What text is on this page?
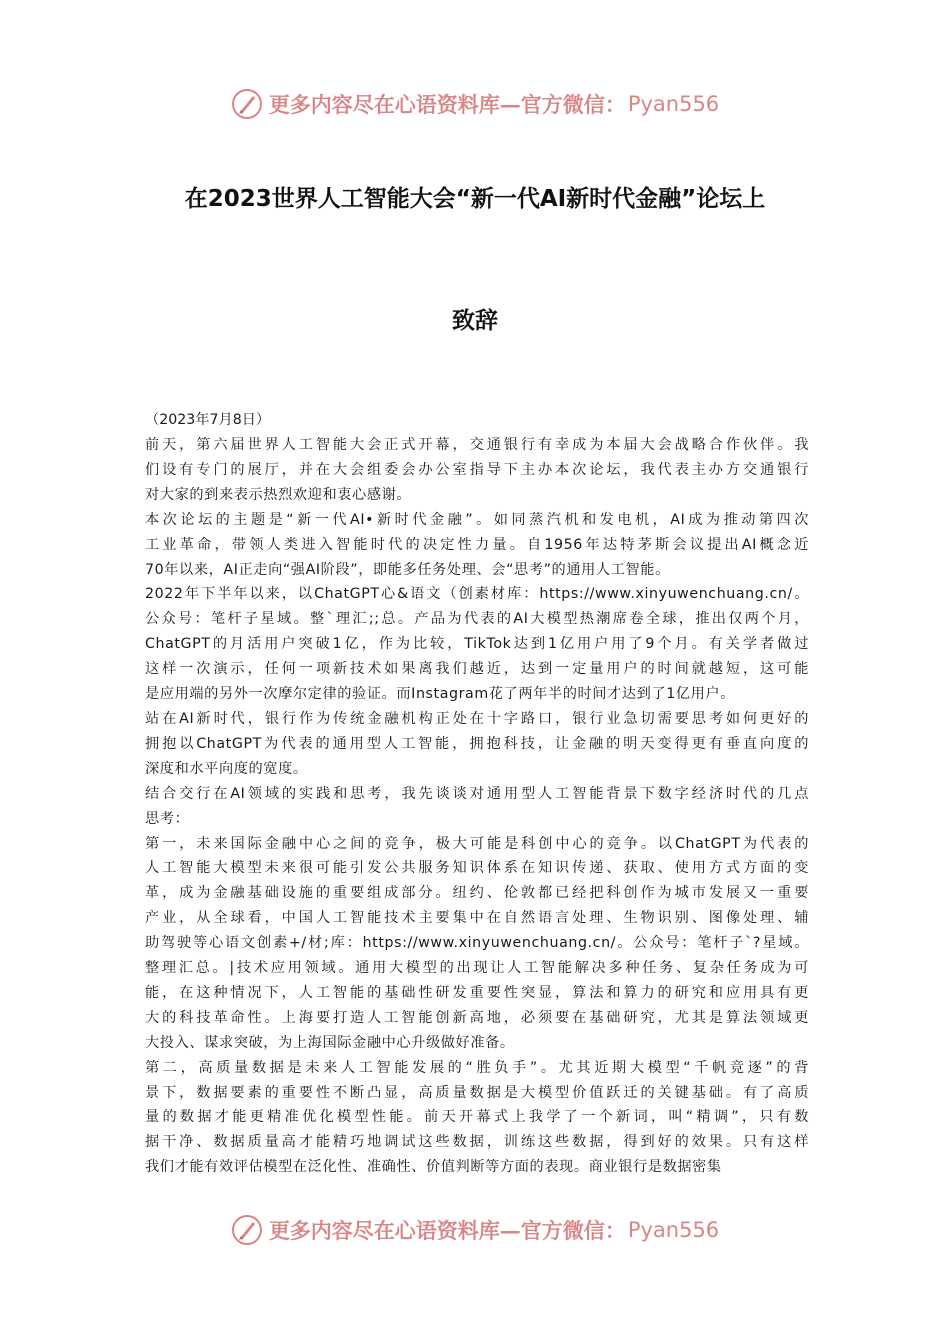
更多内容尽在心语资料库—官方微信： Pyan556
在2023世界人工智能大会“新一代AI新时代金融”论坛上
致辞
（2023年7月8日）
前天，第六届世界人工智能大会正式开幕，交通银行有幸成为本届大会战略合作伙伴。我
们设有专门的展厅，并在大会组委会办公室指导下主办本次论坛，我代表主办方交通银行
对大家的到来表示热烈欢迎和衷心感谢。
本次论坛的主题是“新一代AI•新时代金融”。如同蒸汽机和发电机，AI成为推动第四次
工业革命，带领人类进入智能时代的决定性力量。自1956年达特茅斯会议提出AI概念近
70年以来，AI正走向“强AI阶段”，即能多任务处理、会“思考”的通用人工智能。
2022年下半年以来，以ChatGPT心&语文（创素材库：https://www.xinyuwenchuang.cn/。
公众号：笔杆子星域。整`理汇;;总。产品为代表的AI大模型热潮席卷全球，推出仅两个月，
ChatGPT的月活用户突破1亿，作为比较，TikTok达到1亿用户用了9个月。有关学者做过
这样一次演示，任何一项新技术如果离我们越近，达到一定量用户的时间就越短，这可能
是应用端的另外一次摩尔定律的验证。而Instagram花了两年半的时间才达到了1亿用户。
站在AI新时代，银行作为传统金融机构正处在十字路口，银行业急切需要思考如何更好的
拥抱以ChatGPT为代表的通用型人工智能，拥抱科技，让金融的明天变得更有垂直向度的
深度和水平向度的宽度。
结合交行在AI领域的实践和思考，我先谈谈对通用型人工智能背景下数字经济时代的几点
思考：
第一，未来国际金融中心之间的竞争，极大可能是科创中心的竞争。以ChatGPT为代表的
人工智能大模型未来很可能引发公共服务知识体系在知识传递、获取、使用方式方面的变
革，成为金融基础设施的重要组成部分。纽约、伦敦都已经把科创作为城市发展又一重要
产业，从全球看，中国人工智能技术主要集中在自然语言处理、生物识别、图像处理、辅
助驾驶等心语文创素+/材;库：https://www.xinyuwenchuang.cn/。公众号：笔杆子`?星域。
整理汇总。|技术应用领域。通用大模型的出现让人工智能解决多种任务、复杂任务成为可
能，在这种情况下，人工智能的基础性研发重要性突显，算法和算力的研究和应用具有更
大的科技革命性。上海要打造人工智能创新高地，必须要在基础研究，尤其是算法领域更
大投入、谋求突破，为上海国际金融中心升级做好准备。
第二，高质量数据是未来人工智能发展的“胜负手”。尤其近期大模型“千帆竞逐”的背
景下，数据要素的重要性不断凸显，高质量数据是大模型价值跃迁的关键基础。有了高质
量的数据才能更精准优化模型性能。前天开幕式上我学了一个新词，叫“精调”，只有数
据干净、数据质量高才能精巧地调试这些数据，训练这些数据，得到好的效果。只有这样
我们才能有效评估模型在泛化性、准确性、价值判断等方面的表现。商业银行是数据密集
更多内容尽在心语资料库—官方微信： Pyan556
